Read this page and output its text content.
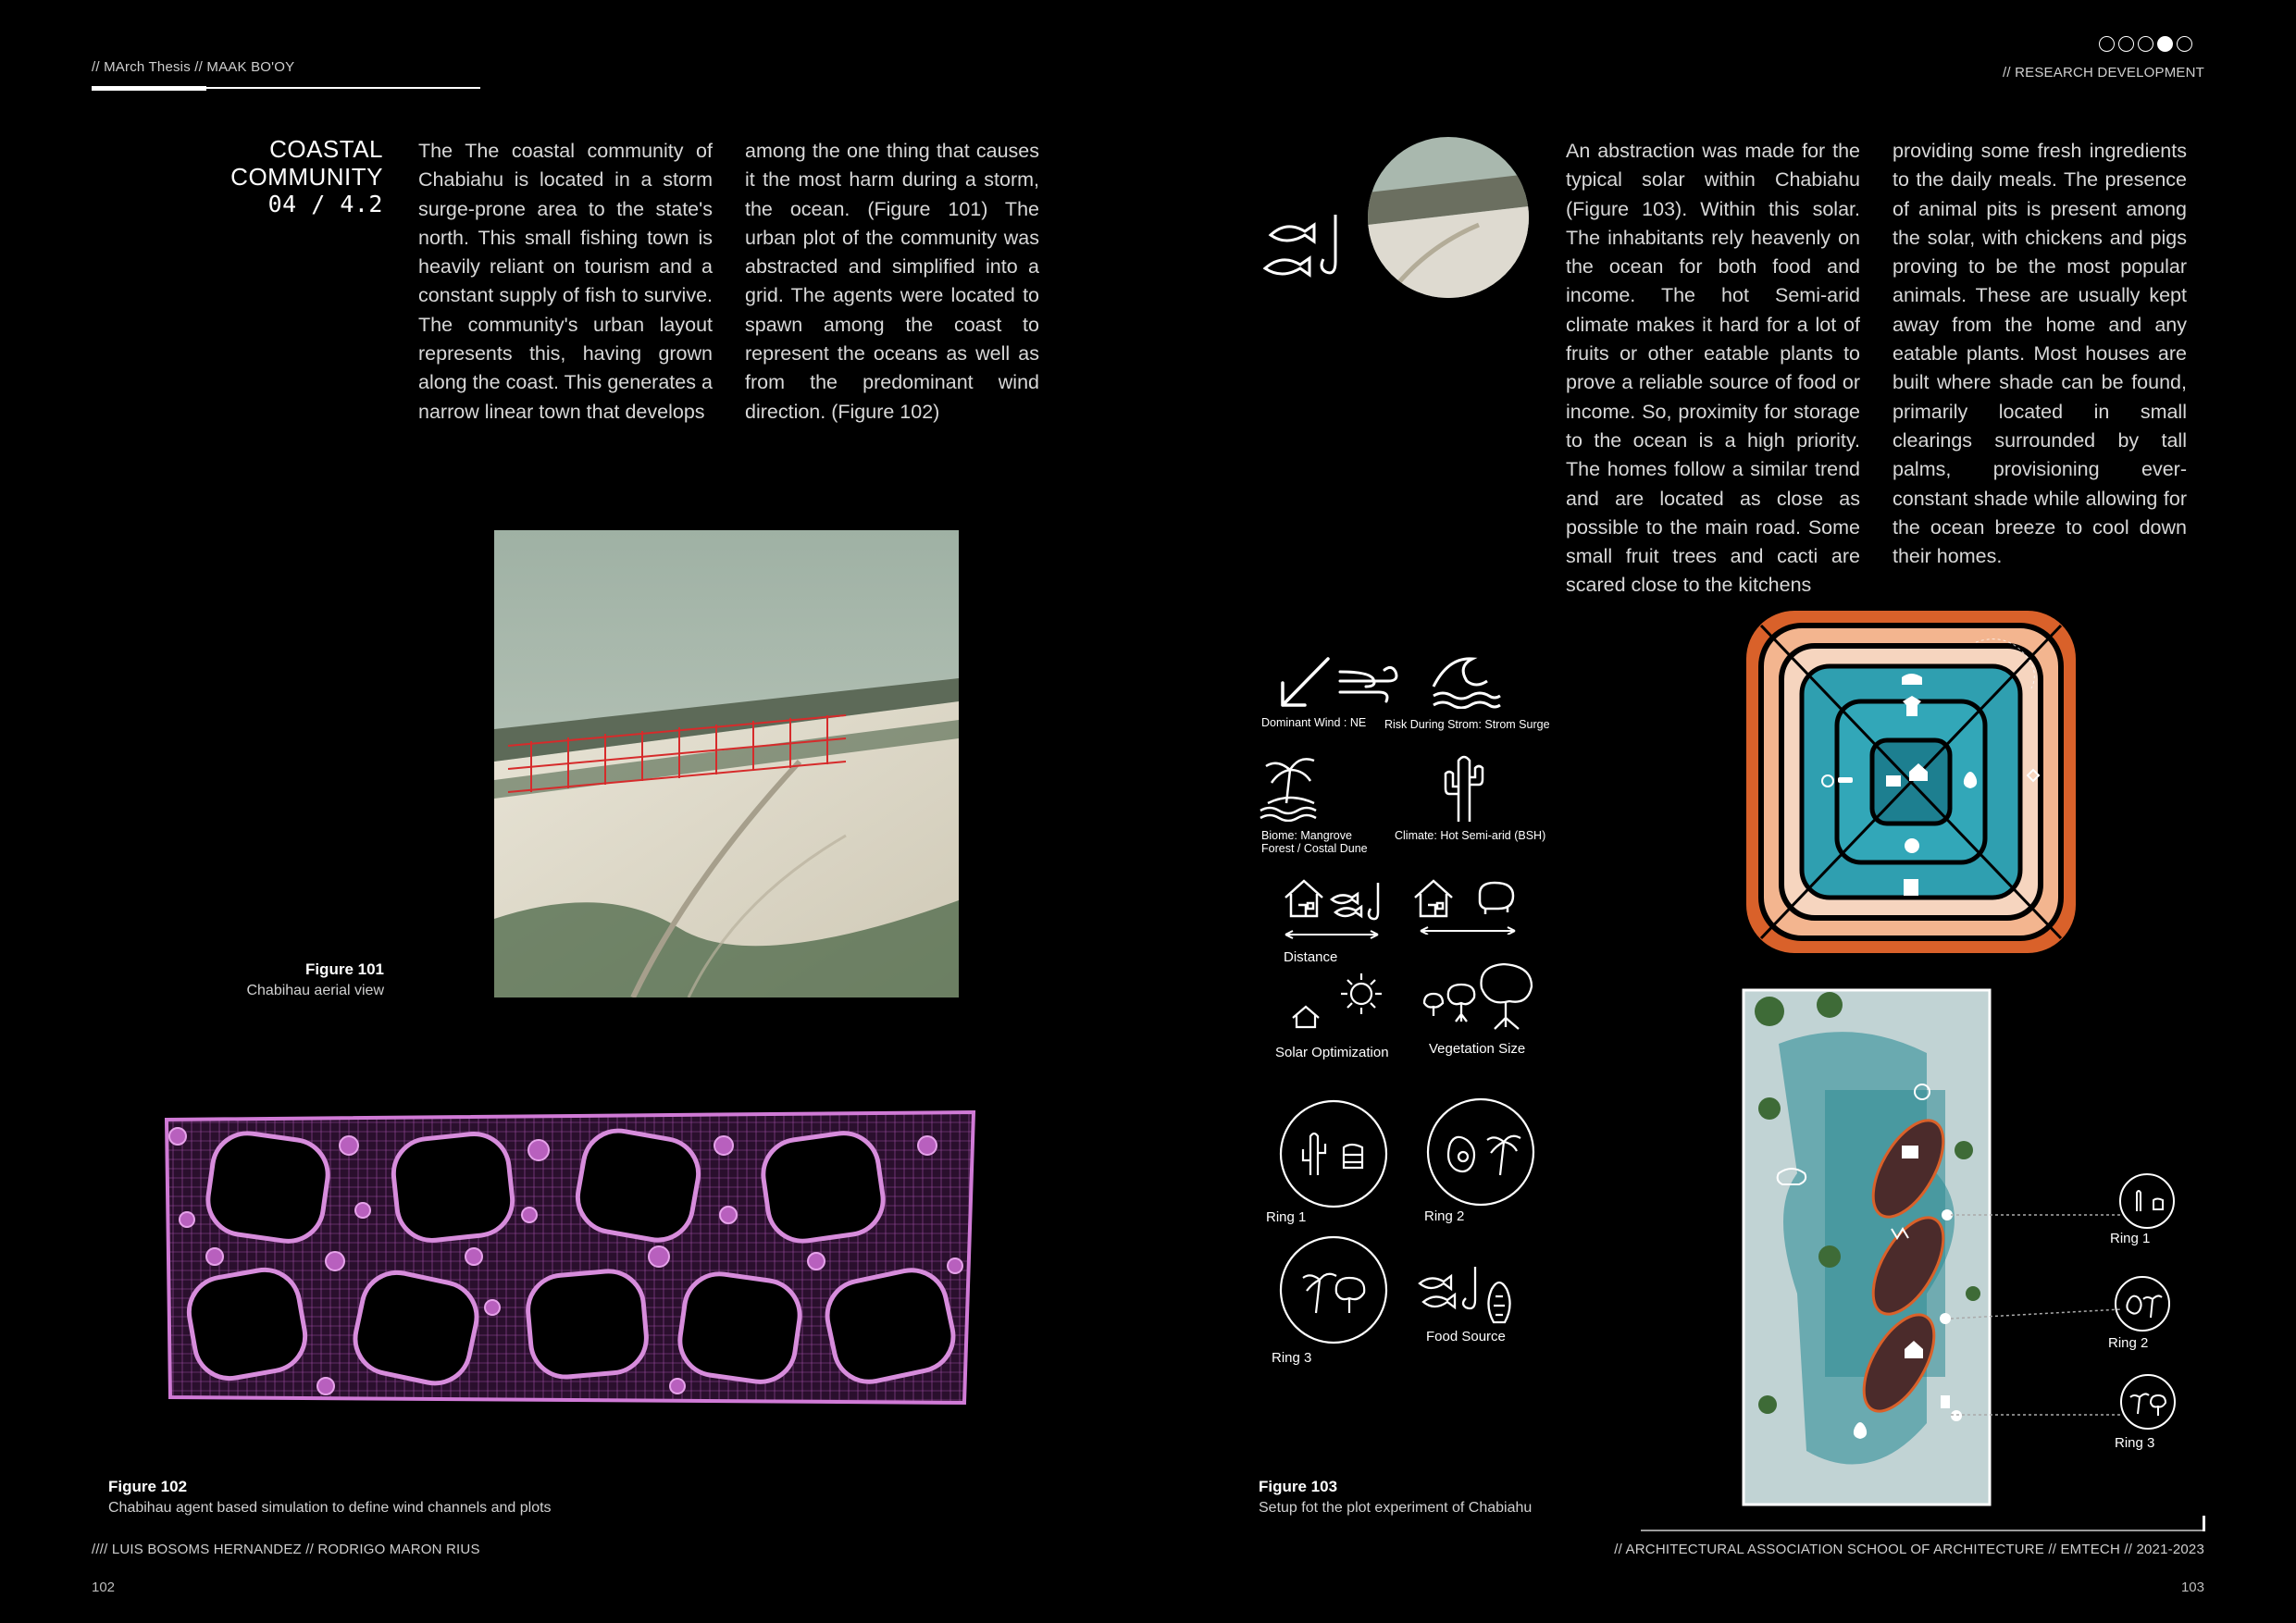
// MArch Thesis // MAAK BO'OY	// RESEARCH DEVELOPMENT
COASTAL COMMUNITY
04 / 4.2
The The coastal community of Chabiahu is located in a storm surge-prone area to the state's north. This small fishing town is heavily reliant on tourism and a constant supply of fish to survive. The community's urban layout represents this, having grown along the coast. This generates a narrow linear town that develops
among the one thing that causes it the most harm during a storm, the ocean. (Figure 101) The urban plot of the community was abstracted and simplified into a grid. The agents were located to spawn among the coast to represent the oceans as well as from the predominant wind direction. (Figure 102)
Figure 101
Chabihau aerial view
Figure 102
Chabihau agent based simulation to define wind channels and plots
//// LUIS BOSOMS HERNANDEZ // RODRIGO MARON RIUS
102
An abstraction was made for the typical solar within Chabiahu (Figure 103). Within this solar. The inhabitants rely heavenly on the ocean for both food and income. The hot Semi-arid climate makes it hard for a lot of fruits or other eatable plants to prove a reliable source of food or income. So, proximity for storage to the ocean is a high priority. The homes follow a similar trend and are located as close as possible to the main road. Some small fruit trees and cacti are scared close to the kitchens
providing some fresh ingredients to the daily meals. The presence of animal pits is present among the solar, with chickens and pigs proving to be the most popular animals. These are usually kept away from the home and any eatable plants. Most houses are built where shade can be found, primarily located in small clearings surrounded by tall palms, provisioning ever-constant shade while allowing for the ocean breeze to cool down their homes.
Dominant Wind : NE Risk During Strom: Strom Surge
Biome: Mangrove Forest / Costal Dune
Climate: Hot Semi-arid (BSH)
Distance
Solar Optimization	Vegetation Size
Ring 1	Ring 2
Ring 3
Food Source
Ring 1
Ring 2
Ring 3
Figure 103
Setup fot the plot experiment of Chabiahu
// ARCHITECTURAL ASSOCIATION SCHOOL OF ARCHITECTURE // EMTECH // 2021-2023
103
